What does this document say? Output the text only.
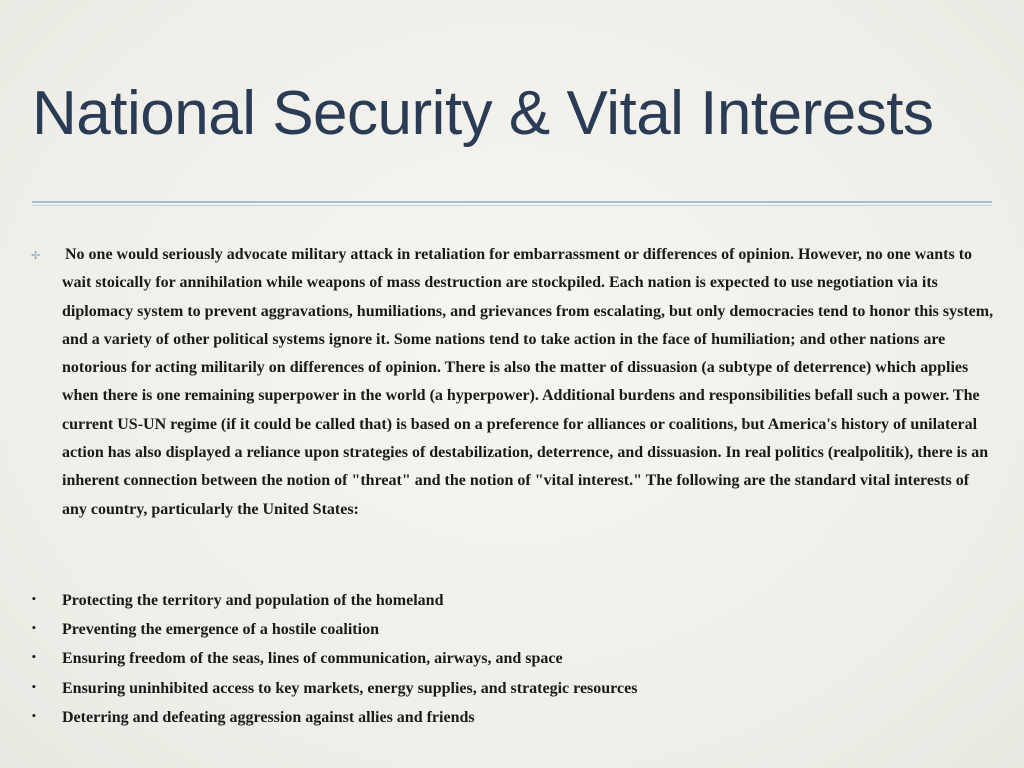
National Security & Vital Interests
✢ No one would seriously advocate military attack in retaliation for embarrassment or differences of opinion. However, no one wants to wait stoically for annihilation while weapons of mass destruction are stockpiled. Each nation is expected to use negotiation via its diplomacy system to prevent aggravations, humiliations, and grievances from escalating, but only democracies tend to honor this system, and a variety of other political systems ignore it. Some nations tend to take action in the face of humiliation; and other nations are notorious for acting militarily on differences of opinion. There is also the matter of dissuasion (a subtype of deterrence) which applies when there is one remaining superpower in the world (a hyperpower). Additional burdens and responsibilities befall such a power. The current US-UN regime (if it could be called that) is based on a preference for alliances or coalitions, but America's history of unilateral action has also displayed a reliance upon strategies of destabilization, deterrence, and dissuasion. In real politics (realpolitik), there is an inherent connection between the notion of "threat" and the notion of "vital interest." The following are the standard vital interests of any country, particularly the United States:
• Protecting the territory and population of the homeland
• Preventing the emergence of a hostile coalition
• Ensuring freedom of the seas, lines of communication, airways, and space
• Ensuring uninhibited access to key markets, energy supplies, and strategic resources
• Deterring and defeating aggression against allies and friends
